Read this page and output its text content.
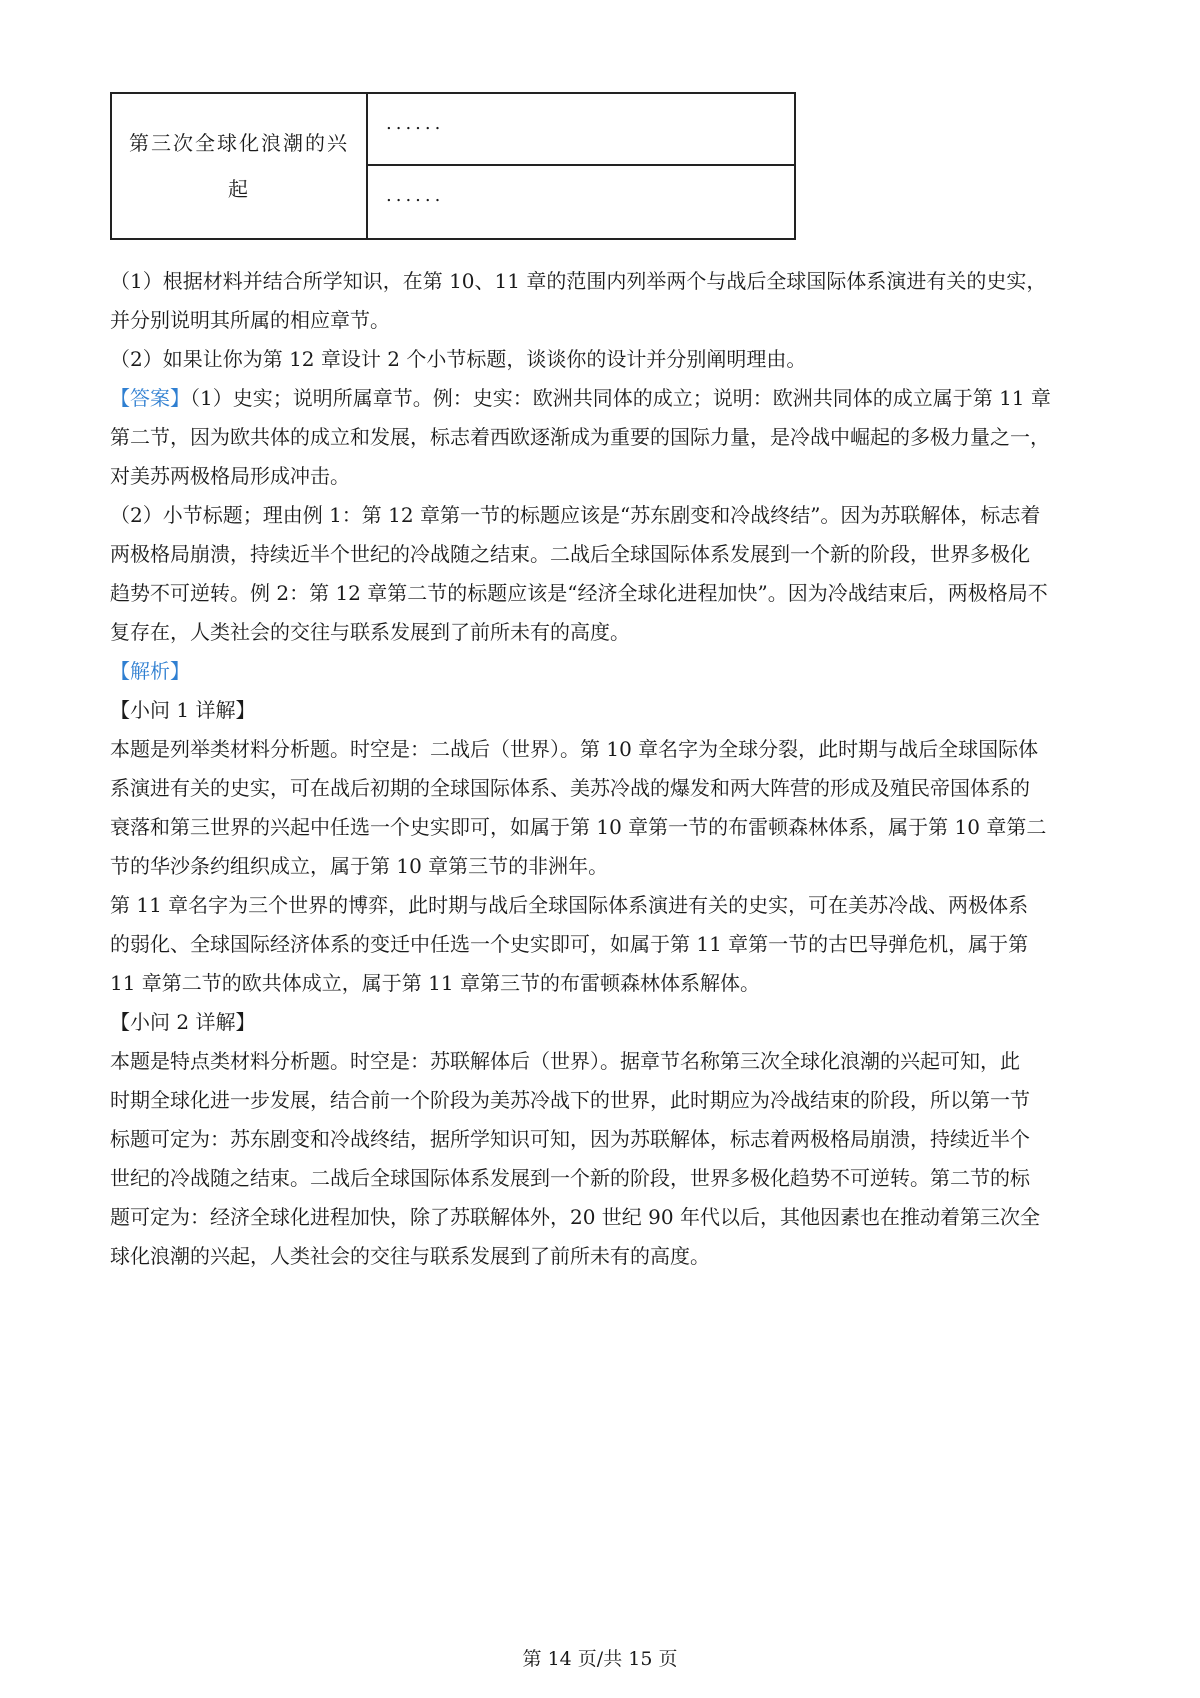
第三次全球化浪潮的兴起
......
......

（1）根据材料并结合所学知识，在第 10、11 章的范围内列举两个与战后全球国际体系演进有关的史实，

并分别说明其所属的相应章节。

（2）如果让你为第 12 章设计 2 个小节标题，谈谈你的设计并分别阐明理由。

【答案】（1）史实；说明所属章节。例：史实：欧洲共同体的成立；说明：欧洲共同体的成立属于第 11 章

第二节，因为欧共体的成立和发展，标志着西欧逐渐成为重要的国际力量，是冷战中崛起的多极力量之一，

对美苏两极格局形成冲击。

（2）小节标题；理由例 1：第 12 章第一节的标题应该是“苏东剧变和冷战终结”。因为苏联解体，标志着

两极格局崩溃，持续近半个世纪的冷战随之结束。二战后全球国际体系发展到一个新的阶段，世界多极化

趋势不可逆转。例 2：第 12 章第二节的标题应该是“经济全球化进程加快”。因为冷战结束后，两极格局不

复存在，人类社会的交往与联系发展到了前所未有的高度。

【解析】

【小问 1 详解】

本题是列举类材料分析题。时空是：二战后（世界）。第 10 章名字为全球分裂，此时期与战后全球国际体

系演进有关的史实，可在战后初期的全球国际体系、美苏冷战的爆发和两大阵营的形成及殖民帝国体系的

衰落和第三世界的兴起中任选一个史实即可，如属于第 10 章第一节的布雷顿森林体系，属于第 10 章第二

节的华沙条约组织成立，属于第 10 章第三节的非洲年。

第 11 章名字为三个世界的博弈，此时期与战后全球国际体系演进有关的史实，可在美苏冷战、两极体系

的弱化、全球国际经济体系的变迁中任选一个史实即可，如属于第 11 章第一节的古巴导弹危机，属于第

11 章第二节的欧共体成立，属于第 11 章第三节的布雷顿森林体系解体。

【小问 2 详解】

本题是特点类材料分析题。时空是：苏联解体后（世界）。据章节名称第三次全球化浪潮的兴起可知，此

时期全球化进一步发展，结合前一个阶段为美苏冷战下的世界，此时期应为冷战结束的阶段，所以第一节

标题可定为：苏东剧变和冷战终结，据所学知识可知，因为苏联解体，标志着两极格局崩溃，持续近半个

世纪的冷战随之结束。二战后全球国际体系发展到一个新的阶段，世界多极化趋势不可逆转。第二节的标

题可定为：经济全球化进程加快，除了苏联解体外，20 世纪 90 年代以后，其他因素也在推动着第三次全

球化浪潮的兴起，人类社会的交往与联系发展到了前所未有的高度。

第 14 页/共 15 页
